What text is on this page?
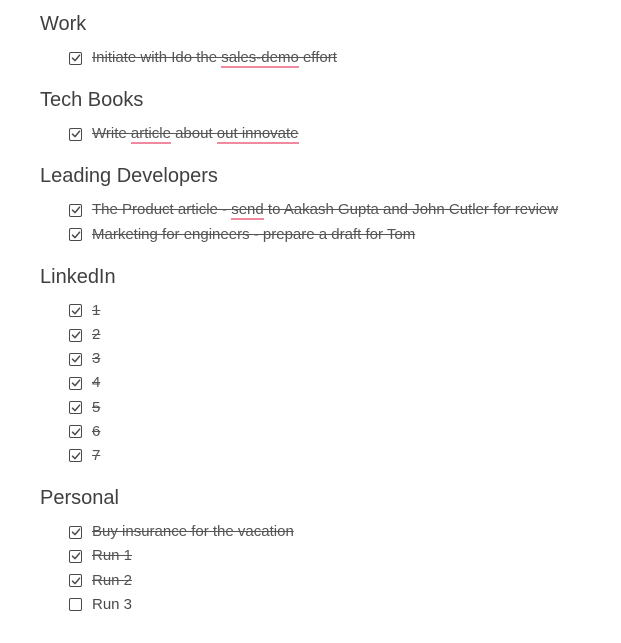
Work
Initiate with Ido the sales-demo effort
Tech Books
Write article about out innovate
Leading Developers
The Product article - send to Aakash Gupta and John Cutler for review
Marketing for engineers - prepare a draft for Tom
LinkedIn
1
2
3
4
5
6
7
Personal
Buy insurance for the vacation
Run 1
Run 2
Run 3
